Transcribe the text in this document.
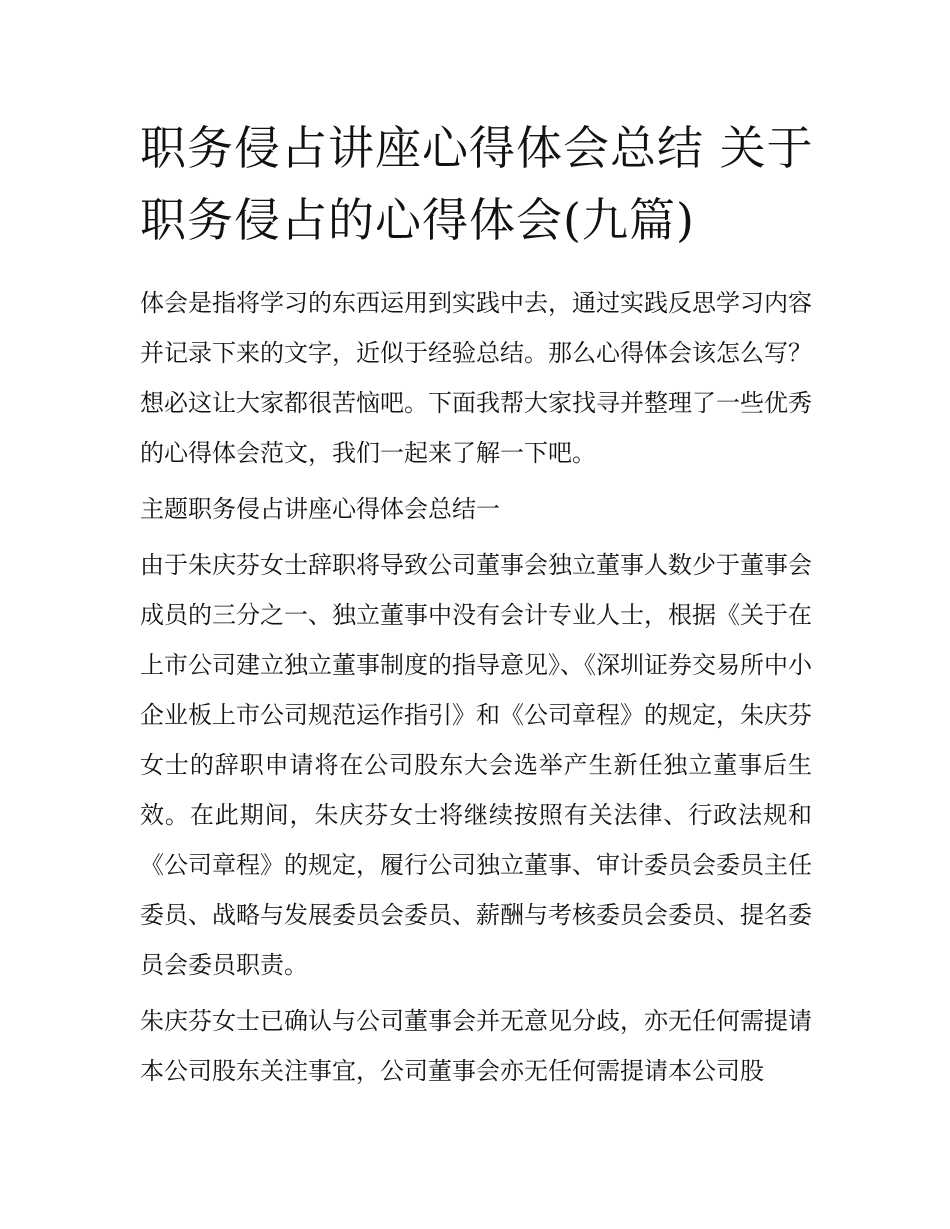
职务侵占讲座心得体会总结 关于职务侵占的心得体会(九篇)

体会是指将学习的东西运用到实践中去，通过实践反思学习内容并记录下来的文字，近似于经验总结。那么心得体会该怎么写？想必这让大家都很苦恼吧。下面我帮大家找寻并整理了一些优秀的心得体会范文，我们一起来了解一下吧。

主题职务侵占讲座心得体会总结一

由于朱庆芬女士辞职将导致公司董事会独立董事人数少于董事会成员的三分之一、独立董事中没有会计专业人士，根据《关于在上市公司建立独立董事制度的指导意见》、《深圳证券交易所中小企业板上市公司规范运作指引》和《公司章程》的规定，朱庆芬女士的辞职申请将在公司股东大会选举产生新任独立董事后生效。在此期间，朱庆芬女士将继续按照有关法律、行政法规和《公司章程》的规定，履行公司独立董事、审计委员会委员主任委员、战略与发展委员会委员、薪酬与考核委员会委员、提名委员会委员职责。

朱庆芬女士已确认与公司董事会并无意见分歧，亦无任何需提请本公司股东关注事宜，公司董事会亦无任何需提请本公司股
